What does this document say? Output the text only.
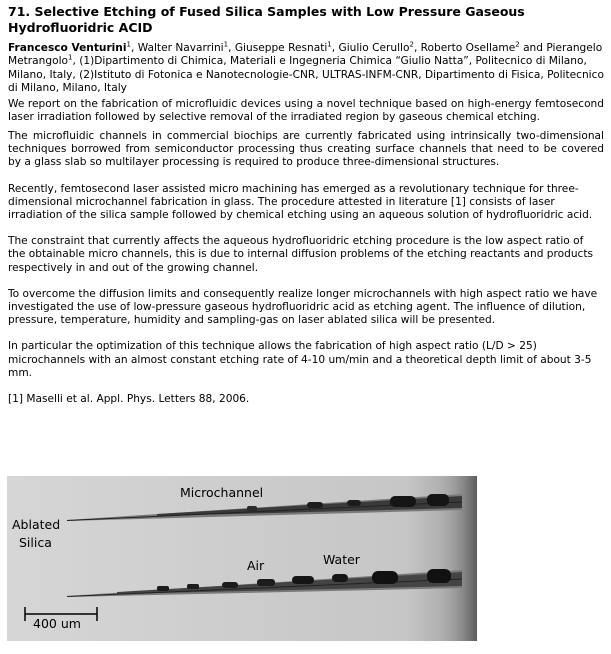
71. Selective Etching of Fused Silica Samples with Low Pressure Gaseous Hydrofluoridric ACID
Francesco Venturini$^1$, Walter Navarrini$^1$, Giuseppe Resnati$^1$, Giulio Cerullo$^2$, Roberto Osellame$^2$ and Pierangelo Metrangolo$^1$, (1)Dipartimento di Chimica, Materiali e Ingegneria Chimica “Giulio Natta”, Politecnico di Milano, Milano, Italy, (2)Istituto di Fotonica e Nanotecnologie-CNR, ULTRAS-INFM-CNR, Dipartimento di Fisica, Politecnico di Milano, Milano, Italy

We report on the fabrication of microfluidic devices using a novel technique based on high-energy femtosecond laser irradiation followed by selective removal of the irradiated region by gaseous chemical etching.

The microfluidic channels in commercial biochips are currently fabricated using intrinsically two-dimensional techniques borrowed from semiconductor processing thus creating surface channels that need to be covered by a glass slab so multilayer processing is required to produce three-dimensional structures.

Recently, femtosecond laser assisted micro machining has emerged as a revolutionary technique for three-dimensional microchannel fabrication in glass. The procedure attested in literature [1] consists of laser irradiation of the silica sample followed by chemical etching using an aqueous solution of hydrofluoridric acid.

The constraint that currently affects the aqueous hydrofluoridric etching procedure is the low aspect ratio of the obtainable micro channels, this is due to internal diffusion problems of the etching reactants and products respectively in and out of the growing channel.

To overcome the diffusion limits and consequently realize longer microchannels with high aspect ratio we have investigated the use of low-pressure gaseous hydrofluoridric acid as etching agent. The influence of dilution, pressure, temperature, humidity and sampling-gas on laser ablated silica will be presented.

In particular the optimization of this technique allows the fabrication of high aspect ratio (L/D > 25) microchannels with an almost constant etching rate of 4-10 um/min and a theoretical depth limit of about 3-5 mm.

[1] Maselli et al. Appl. Phys. Letters 88, 2006.

Microchannel
Ablated
Silica
Air	Water
400 um
